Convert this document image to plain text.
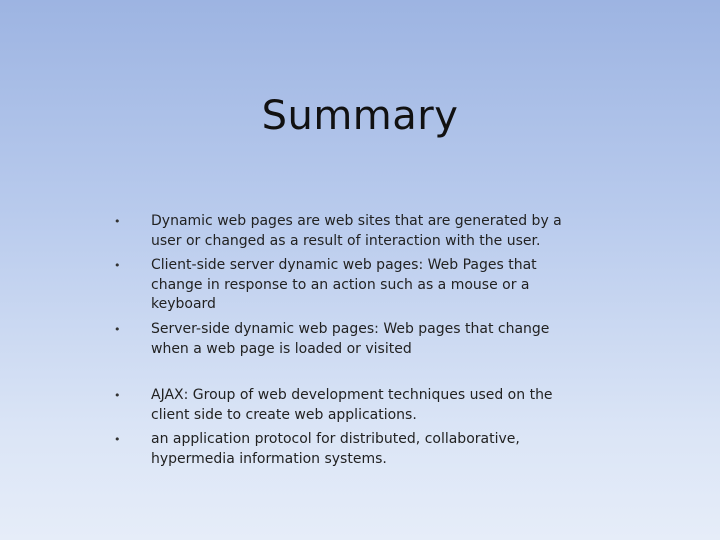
Summary
• Dynamic web pages are web sites that are generated by a user or changed as a result of interaction with the user.
• Client-side server dynamic web pages: Web Pages that change in response to an action such as a mouse or a keyboard
• Server-side dynamic web pages: Web pages that change when a web page is loaded or visited
• AJAX: Group of web development techniques used on the client side to create web applications.
• an application protocol for distributed, collaborative, hypermedia information systems.
